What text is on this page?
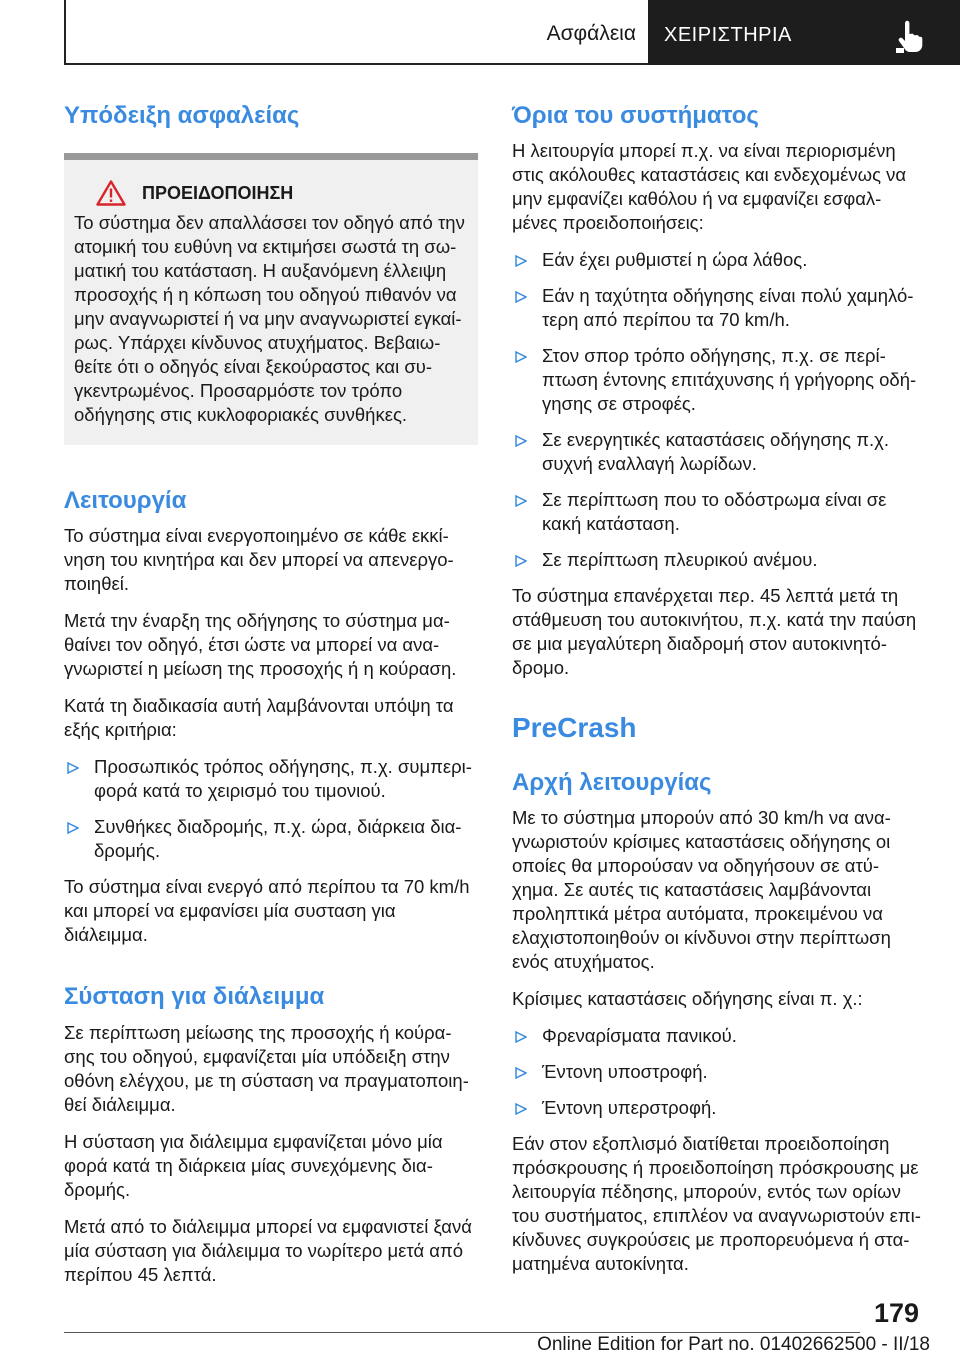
Ασφάλεια ΧΕΙΡΙΣΤΗΡΙΑ
Υπόδειξη ασφαλείας
ΠΡΟΕΙΔΟΠΟΙΗΣΗ

Το σύστημα δεν απαλλάσσει τον οδηγό από την ατομική του ευθύνη να εκτιμήσει σωστά τη σω- ματική του κατάσταση. Η αυξανόμενη έλλειψη προσοχής ή η κόπωση του οδηγού πιθανόν να μην αναγνωριστεί ή να μην αναγνωριστεί εγκαί- ρως. Υπάρχει κίνδυνος ατυχήματος. Βεβαιω- θείτε ότι ο οδηγός είναι ξεκούραστος και συ- γκεντρωμένος. Προσαρμόστε τον τρόπο οδήγησης στις κυκλοφοριακές συνθήκες.

Λειτουργία

Το σύστημα είναι ενεργοποιημένο σε κάθε εκκί- νηση του κινητήρα και δεν μπορεί να απενεργο- ποιηθεί.

Μετά την έναρξη της οδήγησης το σύστημα μα- θαίνει τον οδηγό, έτσι ώστε να μπορεί να ανα- γνωριστεί η μείωση της προσοχής ή η κούραση.

Κατά τη διαδικασία αυτή λαμβάνονται υπόψη τα εξής κριτήρια:

Προσωπικός τρόπος οδήγησης, π.χ. συμπερι- φορά κατά το χειρισμό του τιμονιού.
Συνθήκες διαδρομής, π.χ. ώρα, διάρκεια δια- δρομής.

Το σύστημα είναι ενεργό από περίπου τα 70 km/h και μπορεί να εμφανίσει μία συσταση για διάλειμμα.

Σύσταση για διάλειμμα

Σε περίπτωση μείωσης της προσοχής ή κούρα- σης του οδηγού, εμφανίζεται μία υπόδειξη στην οθόνη ελέγχου, με τη σύσταση να πραγματοποιη- θεί διάλειμμα.

Η σύσταση για διάλειμμα εμφανίζεται μόνο μία φορά κατά τη διάρκεια μίας συνεχόμενης δια- δρομής.

Μετά από το διάλειμμα μπορεί να εμφανιστεί ξανά μία σύσταση για διάλειμμα το νωρίτερο μετά από περίπου 45 λεπτά.

Όρια του συστήματος

Η λειτουργία μπορεί π.χ. να είναι περιορισμένη στις ακόλουθες καταστάσεις και ενδεχομένως να μην εμφανίζει καθόλου ή να εμφανίζει εσφαλ- μένες προειδοποιήσεις:

Εάν έχει ρυθμιστεί η ώρα λάθος.
Εάν η ταχύτητα οδήγησης είναι πολύ χαμηλό- τερη από περίπου τα 70 km/h.
Στον σπορ τρόπο οδήγησης, π.χ. σε περί- πτωση έντονης επιτάχυνσης ή γρήγορης οδή- γησης σε στροφές.
Σε ενεργητικές καταστάσεις οδήγησης π.χ. συχνή εναλλαγή λωρίδων.
Σε περίπτωση που το οδόστρωμα είναι σε κακή κατάσταση.
Σε περίπτωση πλευρικού ανέμου.

Το σύστημα επανέρχεται περ. 45 λεπτά μετά τη στάθμευση του αυτοκινήτου, π.χ. κατά την παύση σε μια μεγαλύτερη διαδρομή στον αυτοκινητό- δρομο.

PreCrash
Αρχή λειτουργίας

Με το σύστημα μπορούν από 30 km/h να ανα- γνωριστούν κρίσιμες καταστάσεις οδήγησης οι οποίες θα μπορούσαν να οδηγήσουν σε ατύ- χημα. Σε αυτές τις καταστάσεις λαμβάνονται προληπτικά μέτρα αυτόματα, προκειμένου να ελαχιστοποιηθούν οι κίνδυνοι στην περίπτωση ενός ατυχήματος.

Κρίσιμες καταστάσεις οδήγησης είναι π. χ.:

Φρεναρίσματα πανικού.
Έντονη υποστροφή.
Έντονη υπερστροφή.

Εάν στον εξοπλισμό διατίθεται προειδοποίηση πρόσκρουσης ή προειδοποίηση πρόσκρουσης με λειτουργία πέδησης, μπορούν, εντός των ορίων του συστήματος, επιπλέον να αναγνωριστούν επι- κίνδυνες συγκρούσεις με προπορευόμενα ή στα- ματημένα αυτοκίνητα.

179
Online Edition for Part no. 01402662500 - II/18
